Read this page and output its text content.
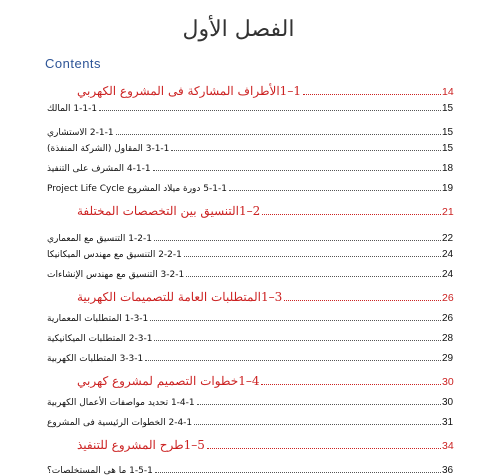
الفصل الأول
Contents
1–1الأطراف المشاركة فى المشروع الكهربي	14
1-1-1 المالك	15
2-1-1 الاستشاري	15
3-1-1 المقاول (الشركة المنفذة)	15
4-1-1 المشرف على التنفيذ	18
5-1-1 دورة ميلاد المشروع Project Life Cycle	19
2–1التنسيق بين التخصصات المختلفة	21
1-2-1 التنسيق مع المعماري	22
2-2-1 التنسيق مع مهندس الميكانيكا	24
3-2-1 التنسيق مع مهندس الإنشاءات	24
3–1المتطلبات العامة للتصميمات الكهربية	26
1-3-1 المتطلبات المعمارية	26
2-3-1 المتطلبات الميكانيكية	28
3-3-1 المتطلبات الكهربية	29
4–1خطوات التصميم لمشروع كهربي	30
1-4-1 تحديد مواصفات الأعمال الكهربية	30
2-4-1 الخطوات الرئيسية فى المشروع	31
5–1طرح المشروع للتنفيذ	34
1-5-1 ما هى المستخلصات؟	36
